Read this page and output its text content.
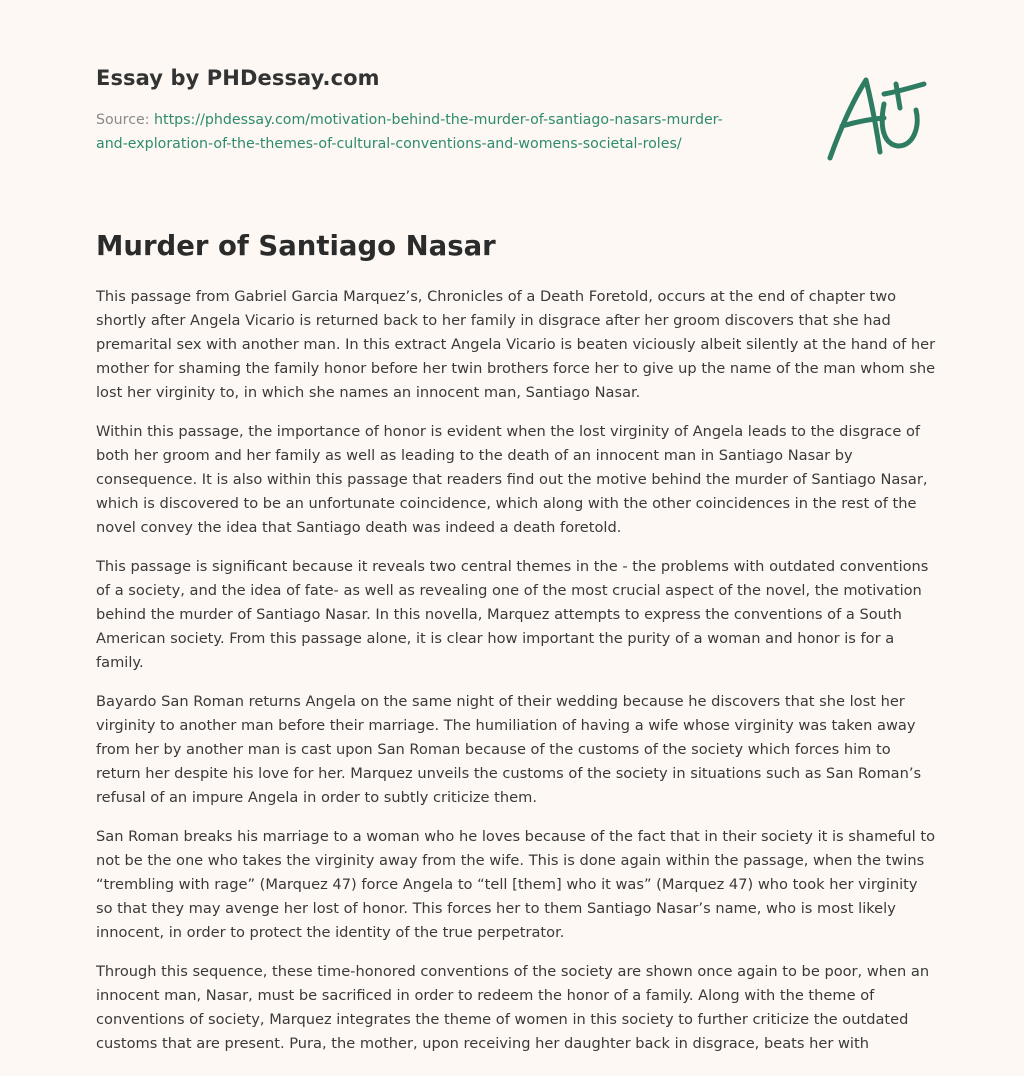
Essay by PHDessay.com
Source: https://phdessay.com/motivation-behind-the-murder-of-santiago-nasars-murder-
and-exploration-of-the-themes-of-cultural-conventions-and-womens-societal-roles/
Murder of Santiago Nasar

This passage from Gabriel Garcia Marquez’s, Chronicles of a Death Foretold, occurs at the end of chapter two shortly after Angela Vicario is returned back to her family in disgrace after her groom discovers that she had premarital sex with another man. In this extract Angela Vicario is beaten viciously albeit silently at the hand of her mother for shaming the family honor before her twin brothers force her to give up the name of the man whom she lost her virginity to, in which she names an innocent man, Santiago Nasar.

Within this passage, the importance of honor is evident when the lost virginity of Angela leads to the disgrace of both her groom and her family as well as leading to the death of an innocent man in Santiago Nasar by consequence. It is also within this passage that readers find out the motive behind the murder of Santiago Nasar, which is discovered to be an unfortunate coincidence, which along with the other coincidences in the rest of the novel convey the idea that Santiago death was indeed a death foretold.

This passage is significant because it reveals two central themes in the - the problems with outdated conventions of a society, and the idea of fate- as well as revealing one of the most crucial aspect of the novel, the motivation behind the murder of Santiago Nasar. In this novella, Marquez attempts to express the conventions of a South American society. From this passage alone, it is clear how important the purity of a woman and honor is for a family.

Bayardo San Roman returns Angela on the same night of their wedding because he discovers that she lost her virginity to another man before their marriage. The humiliation of having a wife whose virginity was taken away from her by another man is cast upon San Roman because of the customs of the society which forces him to return her despite his love for her. Marquez unveils the customs of the society in situations such as San Roman’s refusal of an impure Angela in order to subtly criticize them.

San Roman breaks his marriage to a woman who he loves because of the fact that in their society it is shameful to not be the one who takes the virginity away from the wife. This is done again within the passage, when the twins “trembling with rage” (Marquez 47) force Angela to “tell [them] who it was” (Marquez 47) who took her virginity so that they may avenge her lost of honor. This forces her to them Santiago Nasar’s name, who is most likely innocent, in order to protect the identity of the true perpetrator.

Through this sequence, these time-honored conventions of the society are shown once again to be poor, when an innocent man, Nasar, must be sacrificed in order to redeem the honor of a family. Along with the theme of conventions of society, Marquez integrates the theme of women in this society to further criticize the outdated customs that are present. Pura, the mother, upon receiving her daughter back in disgrace, beats her with
